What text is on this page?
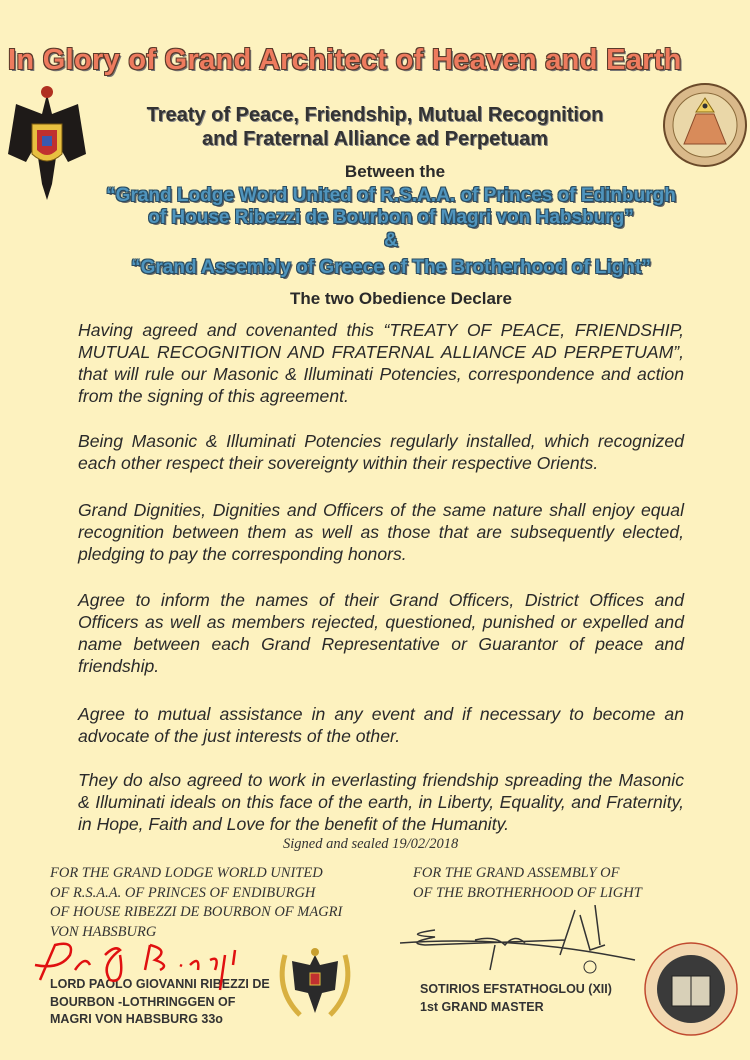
In Glory of Grand Architect of Heaven and Earth
Treaty of Peace, Friendship, Mutual Recognition
and Fraternal Alliance ad Perpetuam
Between the
“Grand Lodge Word United of R.S.A.A. of Princes of Edinburgh
of House Ribezzi de Bourbon of Magri von Habsburg”
&
“Grand Assembly of Greece of The Brotherhood of Light”
The two Obedience Declare

Having agreed and covenanted this “TREATY OF PEACE, FRIENDSHIP, MUTUAL RECOGNITION AND FRATERNAL ALLIANCE AD PERPETUAM”, that will rule our Masonic & Illuminati Potencies, correspondence and action from the signing of this agreement.

Being Masonic & Illuminati Potencies regularly installed, which recognized each other respect their sovereignty within their respective Orients.

Grand Dignities, Dignities and Officers of the same nature shall enjoy equal recognition between them as well as those that are subsequently elected, pledging to pay the corresponding honors.

Agree to inform the names of their Grand Officers, District Offices and Officers as well as members rejected, questioned, punished or expelled and name between each Grand Representative or Guarantor of peace and friendship.

Agree to mutual assistance in any event and if necessary to become an advocate of the just interests of the other.

They do also agreed to work in everlasting friendship spreading the Masonic & Illuminati ideals on this face of the earth, in Liberty, Equality, and Fraternity, in Hope, Faith and Love for the benefit of the Humanity.

Signed and sealed 19/02/2018
FOR THE GRAND LODGE WORLD UNITED
OF R.S.A.A. OF PRINCES OF ENDIBURGH
OF HOUSE RIBEZZI DE BOURBON OF MAGRI
VON HABSBURG
FOR THE GRAND ASSEMBLY OF
OF THE BROTHERHOOD OF LIGHT
LORD PAOLO GIOVANNI RIBEZZI DE
BOURBON -LOTHRINGGEN OF
MAGRI VON HABSBURG 33o
SOTIRIOS EFSTATHOGLOU (XII)
1st GRAND MASTER
